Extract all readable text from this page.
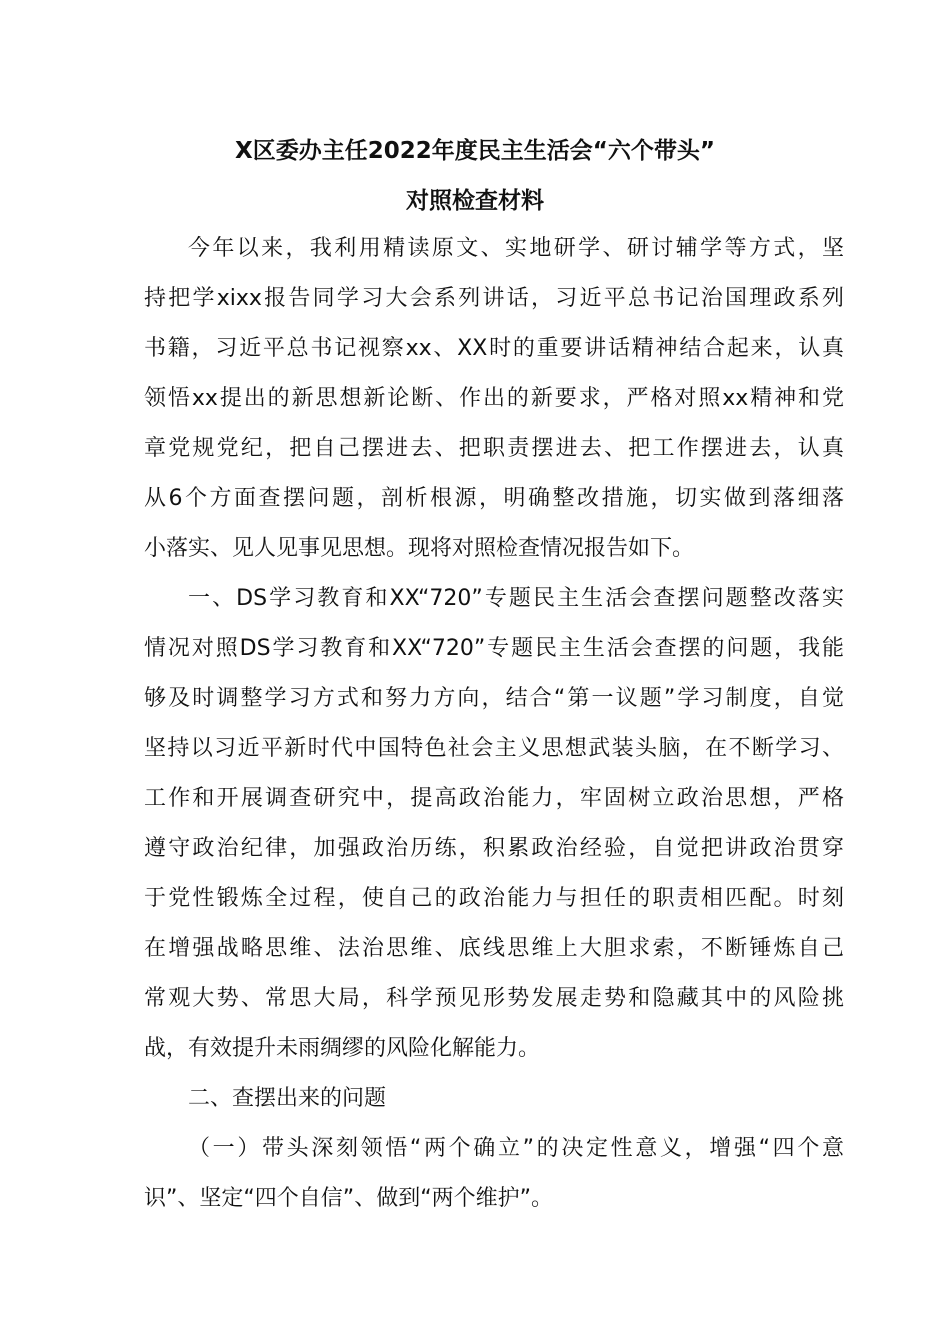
X区委办主任2022年度民主生活会“六个带头”
对照检查材料
今年以来，我利用精读原文、实地研学、研讨辅学等方式，坚
持把学xixx报告同学习大会系列讲话，习近平总书记治国理政系列
书籍，习近平总书记视察xx、XX时的重要讲话精神结合起来，认真
领悟xx提出的新思想新论断、作出的新要求，严格对照xx精神和党
章党规党纪，把自己摆进去、把职责摆进去、把工作摆进去，认真
从6个方面查摆问题，剖析根源，明确整改措施，切实做到落细落
小落实、见人见事见思想。现将对照检查情况报告如下。
一、DS学习教育和XX“720”专题民主生活会查摆问题整改落实
情况对照DS学习教育和XX“720”专题民主生活会查摆的问题，我能
够及时调整学习方式和努力方向，结合“第一议题”学习制度，自觉
坚持以习近平新时代中国特色社会主义思想武装头脑，在不断学习、
工作和开展调查研究中，提高政治能力，牢固树立政治思想，严格
遵守政治纪律，加强政治历练，积累政治经验，自觉把讲政治贯穿
于党性锻炼全过程，使自己的政治能力与担任的职责相匹配。时刻
在增强战略思维、法治思维、底线思维上大胆求索，不断锤炼自己
常观大势、常思大局，科学预见形势发展走势和隐藏其中的风险挑
战，有效提升未雨绸缪的风险化解能力。
二、查摆出来的问题
（一）带头深刻领悟“两个确立”的决定性意义，增强“四个意
识”、坚定“四个自信”、做到“两个维护”。
